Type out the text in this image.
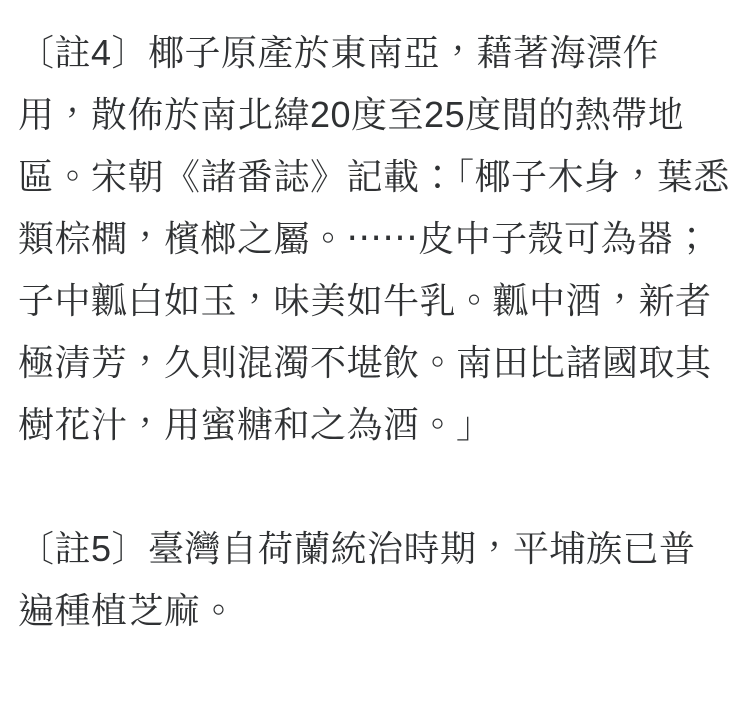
〔註4〕椰子原產於東南亞，藉著海漂作用，散佈於南北緯20度至25度間的熱帶地區。宋朝《諸番誌》記載：「椰子木身，葉悉類棕櫚，檳榔之屬。‧‧‧‧‧‧皮中子殼可為器；子中瓤白如玉，味美如牛乳。瓤中酒，新者極清芳，久則混濁不堪飲。南田比諸國取其樹花汁，用蜜糖和之為酒。」

〔註5〕臺灣自荷蘭統治時期，平埔族已普遍種植芝麻。
